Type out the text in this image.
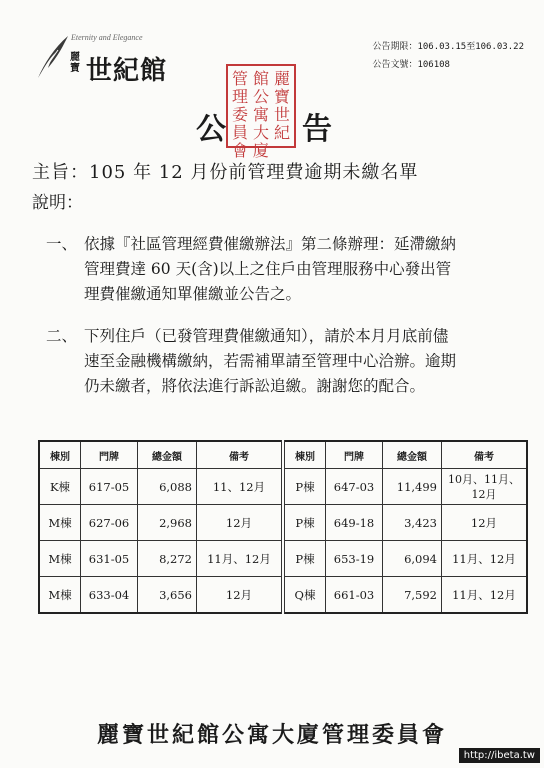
Eternity and Elegance
麗寶 世紀館
公告期限：106.03.15至106.03.22
公告文號：106108
麗寶世紀
館公寓大廈
管理委員會
公	告
主旨：105 年 12 月份前管理費逾期未繳名單
說明：
一、 依據『社區管理經費催繳辦法』第二條辦理：延滯繳納
管理費達 60 天(含)以上之住戶由管理服務中心發出管
理費催繳通知單催繳並公告之。
二、 下列住戶（已發管理費催繳通知），請於本月月底前儘
速至金融機構繳納，若需補單請至管理中心洽辦。逾期
仍未繳者，將依法進行訴訟追繳。謝謝您的配合。
棟別	門牌	總金額	備考	棟別	門牌	總金額	備考
K棟	617-05	6,088	11、12月	P棟	647-03	11,499	10月、11月、12月
M棟	627-06	2,968	12月	P棟	649-18	3,423	12月
M棟	631-05	8,272	11月、12月	P棟	653-19	6,094	11月、12月
M棟	633-04	3,656	12月	Q棟	661-03	7,592	11月、12月
麗寶世紀館公寓大廈管理委員會
http://ibeta.tw
